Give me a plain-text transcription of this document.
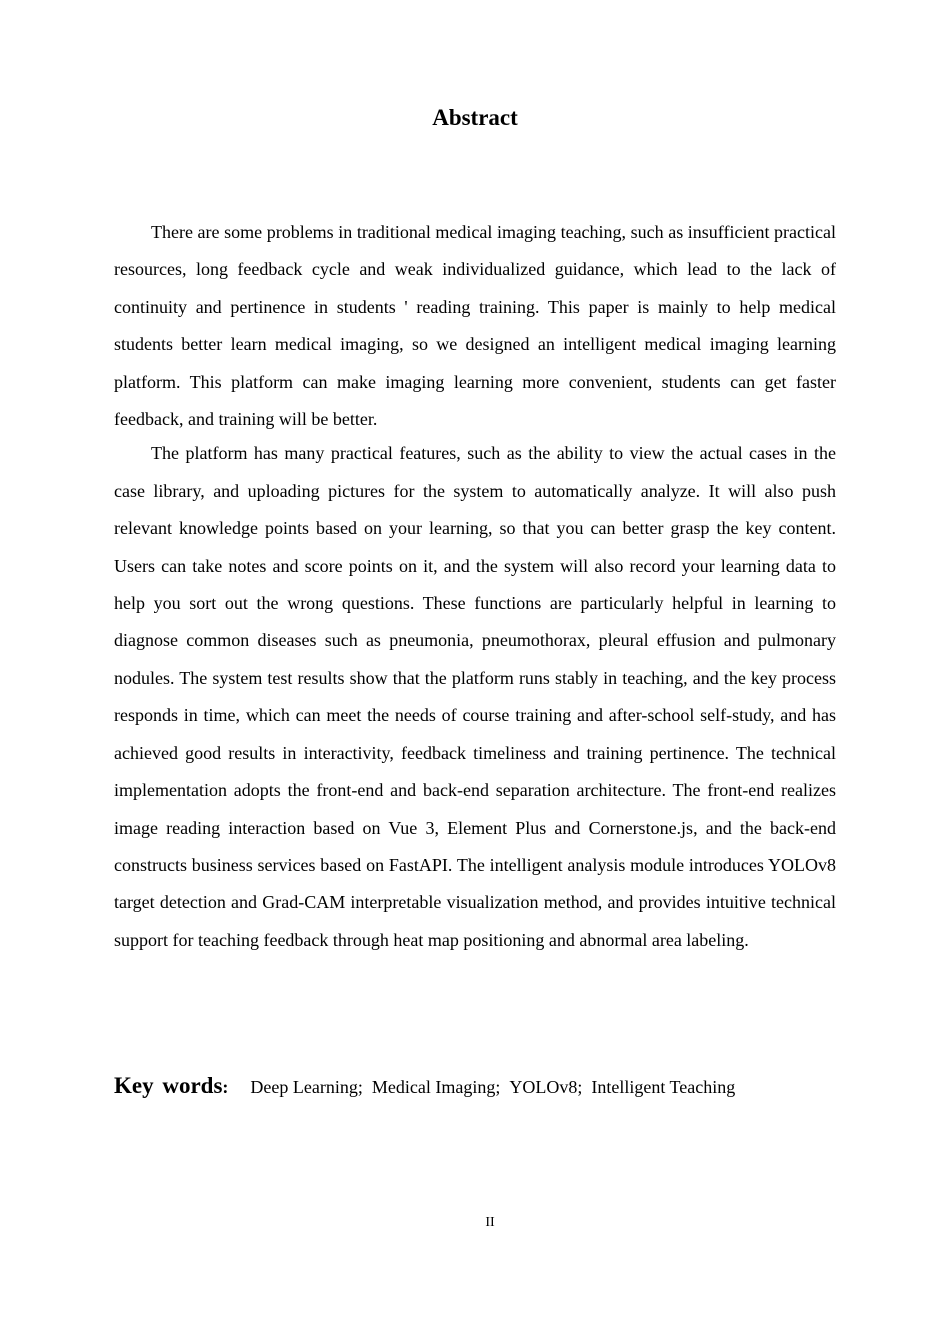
Abstract

There are some problems in traditional medical imaging teaching, such as insufficient practical resources, long feedback cycle and weak individualized guidance, which lead to the lack of continuity and pertinence in students ' reading training. This paper is mainly to help medical students better learn medical imaging, so we designed an intelligent medical imaging learning platform. This platform can make imaging learning more convenient, students can get faster feedback, and training will be better.

The platform has many practical features, such as the ability to view the actual cases in the case library, and uploading pictures for the system to automatically analyze. It will also push relevant knowledge points based on your learning, so that you can better grasp the key content. Users can take notes and score points on it, and the system will also record your learning data to help you sort out the wrong questions. These functions are particularly helpful in learning to diagnose common diseases such as pneumonia, pneumothorax, pleural effusion and pulmonary nodules. The system test results show that the platform runs stably in teaching, and the key process responds in time, which can meet the needs of course training and after-school self-study, and has achieved good results in interactivity, feedback timeliness and training pertinence. The technical implementation adopts the front-end and back-end separation architecture. The front-end realizes image reading interaction based on Vue 3, Element Plus and Cornerstone.js, and the back-end constructs business services based on FastAPI. The intelligent analysis module introduces YOLOv8 target detection and Grad-CAM interpretable visualization method, and provides intuitive technical support for teaching feedback through heat map positioning and abnormal area labeling.

Key words: Deep Learning; Medical Imaging; YOLOv8; Intelligent Teaching
II
